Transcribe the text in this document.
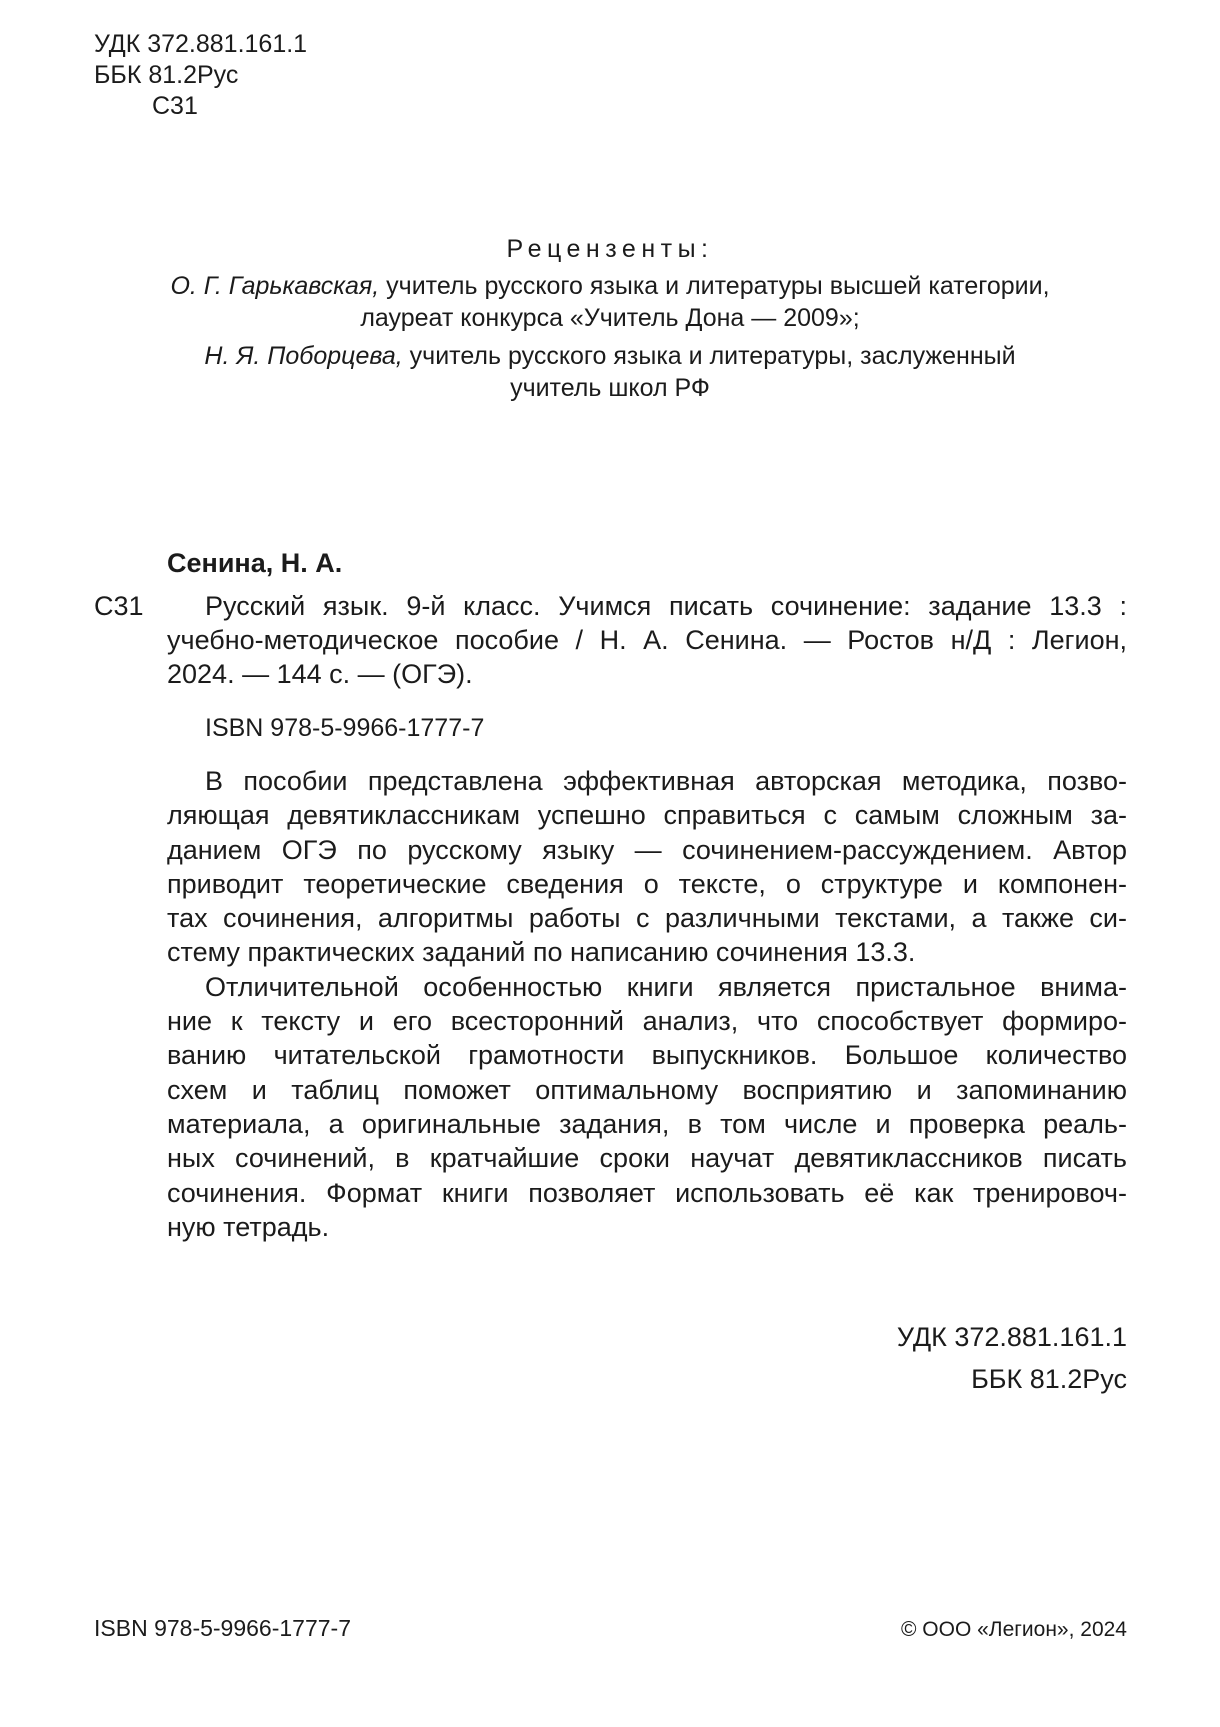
УДК 372.881.161.1
ББК 81.2Рус
С31
Рецензенты:
О. Г. Гарькавская, учитель русского языка и литературы высшей категории,
лауреат конкурса «Учитель Дона — 2009»;
Н. Я. Поборцева, учитель русского языка и литературы, заслуженный
учитель школ РФ
Сенина, Н. А.
С31	Русский язык. 9-й класс. Учимся писать сочинение: задание 13.3 :
учебно-методическое пособие / Н. А. Сенина. — Ростов н/Д : Легион,
2024. — 144 с. — (ОГЭ).
ISBN 978-5-9966-1777-7
В пособии представлена эффективная авторская методика, позво-
ляющая девятиклассникам успешно справиться с самым сложным за-
данием ОГЭ по русскому языку — сочинением-рассуждением. Автор
приводит теоретические сведения о тексте, о структуре и компонен-
тах сочинения, алгоритмы работы с различными текстами, а также си-
стему практических заданий по написанию сочинения 13.3.
Отличительной особенностью книги является пристальное внима-
ние к тексту и его всесторонний анализ, что способствует формиро-
ванию читательской грамотности выпускников. Большое количество
схем и таблиц поможет оптимальному восприятию и запоминанию
материала, а оригинальные задания, в том числе и проверка реаль-
ных сочинений, в кратчайшие сроки научат девятиклассников писать
сочинения. Формат книги позволяет использовать её как тренировоч-
ную тетрадь.
УДК 372.881.161.1
ББК 81.2Рус
ISBN 978-5-9966-1777-7	© ООО «Легион», 2024
